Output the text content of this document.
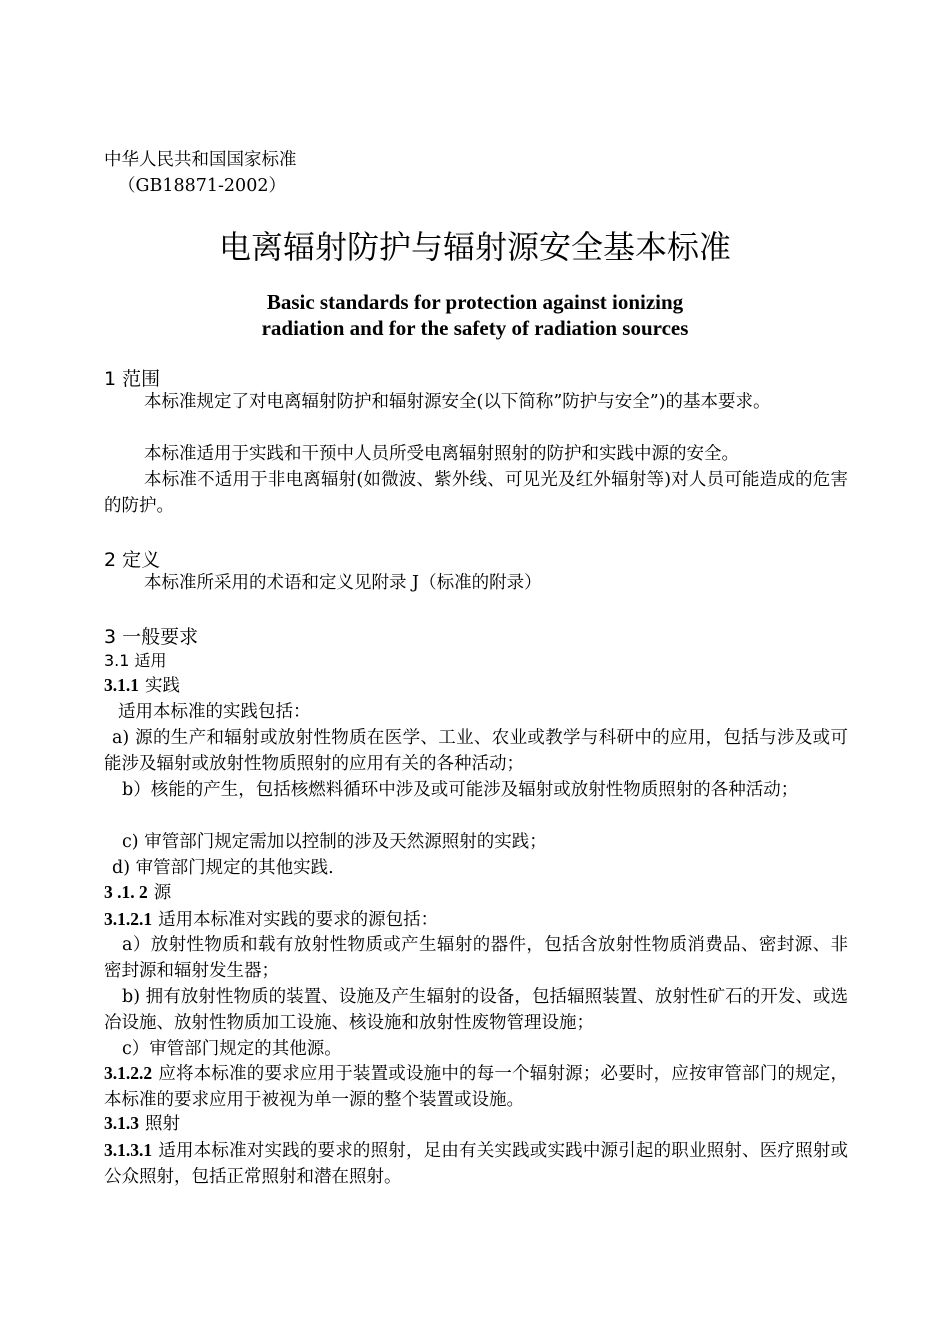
中华人民共和国国家标准
（GB18871-2002）
电离辐射防护与辐射源安全基本标准
Basic standards for protection against ionizing
radiation and for the safety of radiation sources
1 范围
本标准规定了对电离辐射防护和辐射源安全(以下简称”防护与安全”)的基本要求。
本标准适用于实践和干预中人员所受电离辐射照射的防护和实践中源的安全。
本标准不适用于非电离辐射(如微波、紫外线、可见光及红外辐射等)对人员可能造成的危害的防护。
2 定义
本标准所采用的术语和定义见附录 J（标准的附录）
3 一般要求
3.1 适用
3.1.1 实践
适用本标准的实践包括：
a) 源的生产和辐射或放射性物质在医学、工业、农业或教学与科研中的应用，包括与涉及或可能涉及辐射或放射性物质照射的应用有关的各种活动；
b）核能的产生，包括核燃料循环中涉及或可能涉及辐射或放射性物质照射的各种活动；
c) 审管部门规定需加以控制的涉及天然源照射的实践；
d) 审管部门规定的其他实践.
3 .1. 2 源
3.1.2.1 适用本标准对实践的要求的源包括：
a）放射性物质和载有放射性物质或产生辐射的器件，包括含放射性物质消费品、密封源、非密封源和辐射发生器；
b) 拥有放射性物质的装置、设施及产生辐射的设备，包括辐照装置、放射性矿石的开发、或选冶设施、放射性物质加工设施、核设施和放射性废物管理设施；
c）审管部门规定的其他源。
3.1.2.2 应将本标准的要求应用于装置或设施中的每一个辐射源；必要时，应按审管部门的规定，本标准的要求应用于被视为单一源的整个装置或设施。
3.1.3 照射
3.1.3.1 适用本标准对实践的要求的照射，足由有关实践或实践中源引起的职业照射、医疗照射或公众照射，包括正常照射和潜在照射。
